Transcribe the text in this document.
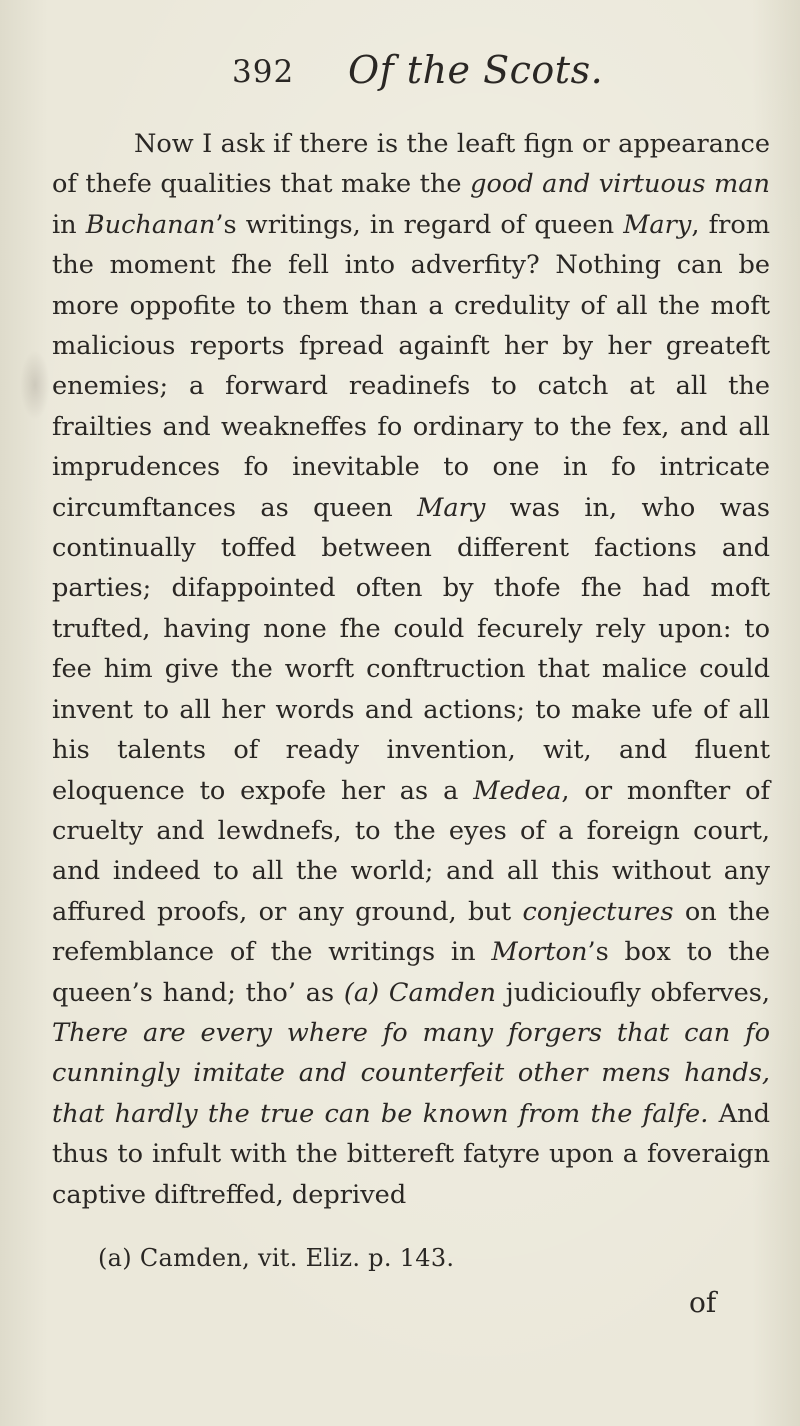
392 Of the Scots.

Now I ask if there is the leaft fign or appearance of thefe qualities that make the good and virtuous man in Buchanan’s writings, in regard of queen Mary, from the moment fhe fell into adverfity? Nothing can be more oppofite to them than a credulity of all the moft malicious reports fpread againft her by her greateft enemies; a forward readinefs to catch at all the frailties and weakneffes fo ordinary to the fex, and all imprudences fo inevitable to one in fo intricate circumftances as queen Mary was in, who was continually toffed between different factions and parties; difappointed often by thofe fhe had moft trufted, having none fhe could fecurely rely upon: to fee him give the worft conftruction that malice could invent to all her words and actions; to make ufe of all his talents of ready invention, wit, and fluent eloquence to expofe her as a Medea, or monfter of cruelty and lewdnefs, to the eyes of a foreign court, and indeed to all the world; and all this without any affured proofs, or any ground, but conjectures on the refemblance of the writings in Morton’s box to the queen’s hand; tho’ as (a) Camden judicioufly obferves, There are every where fo many forgers that can fo cunningly imitate and counterfeit other mens hands, that hardly the true can be known from the falfe. And thus to infult with the bittereft fatyre upon a foveraign captive diftreffed, deprived

(a) Camden, vit. Eliz. p. 143.
of
